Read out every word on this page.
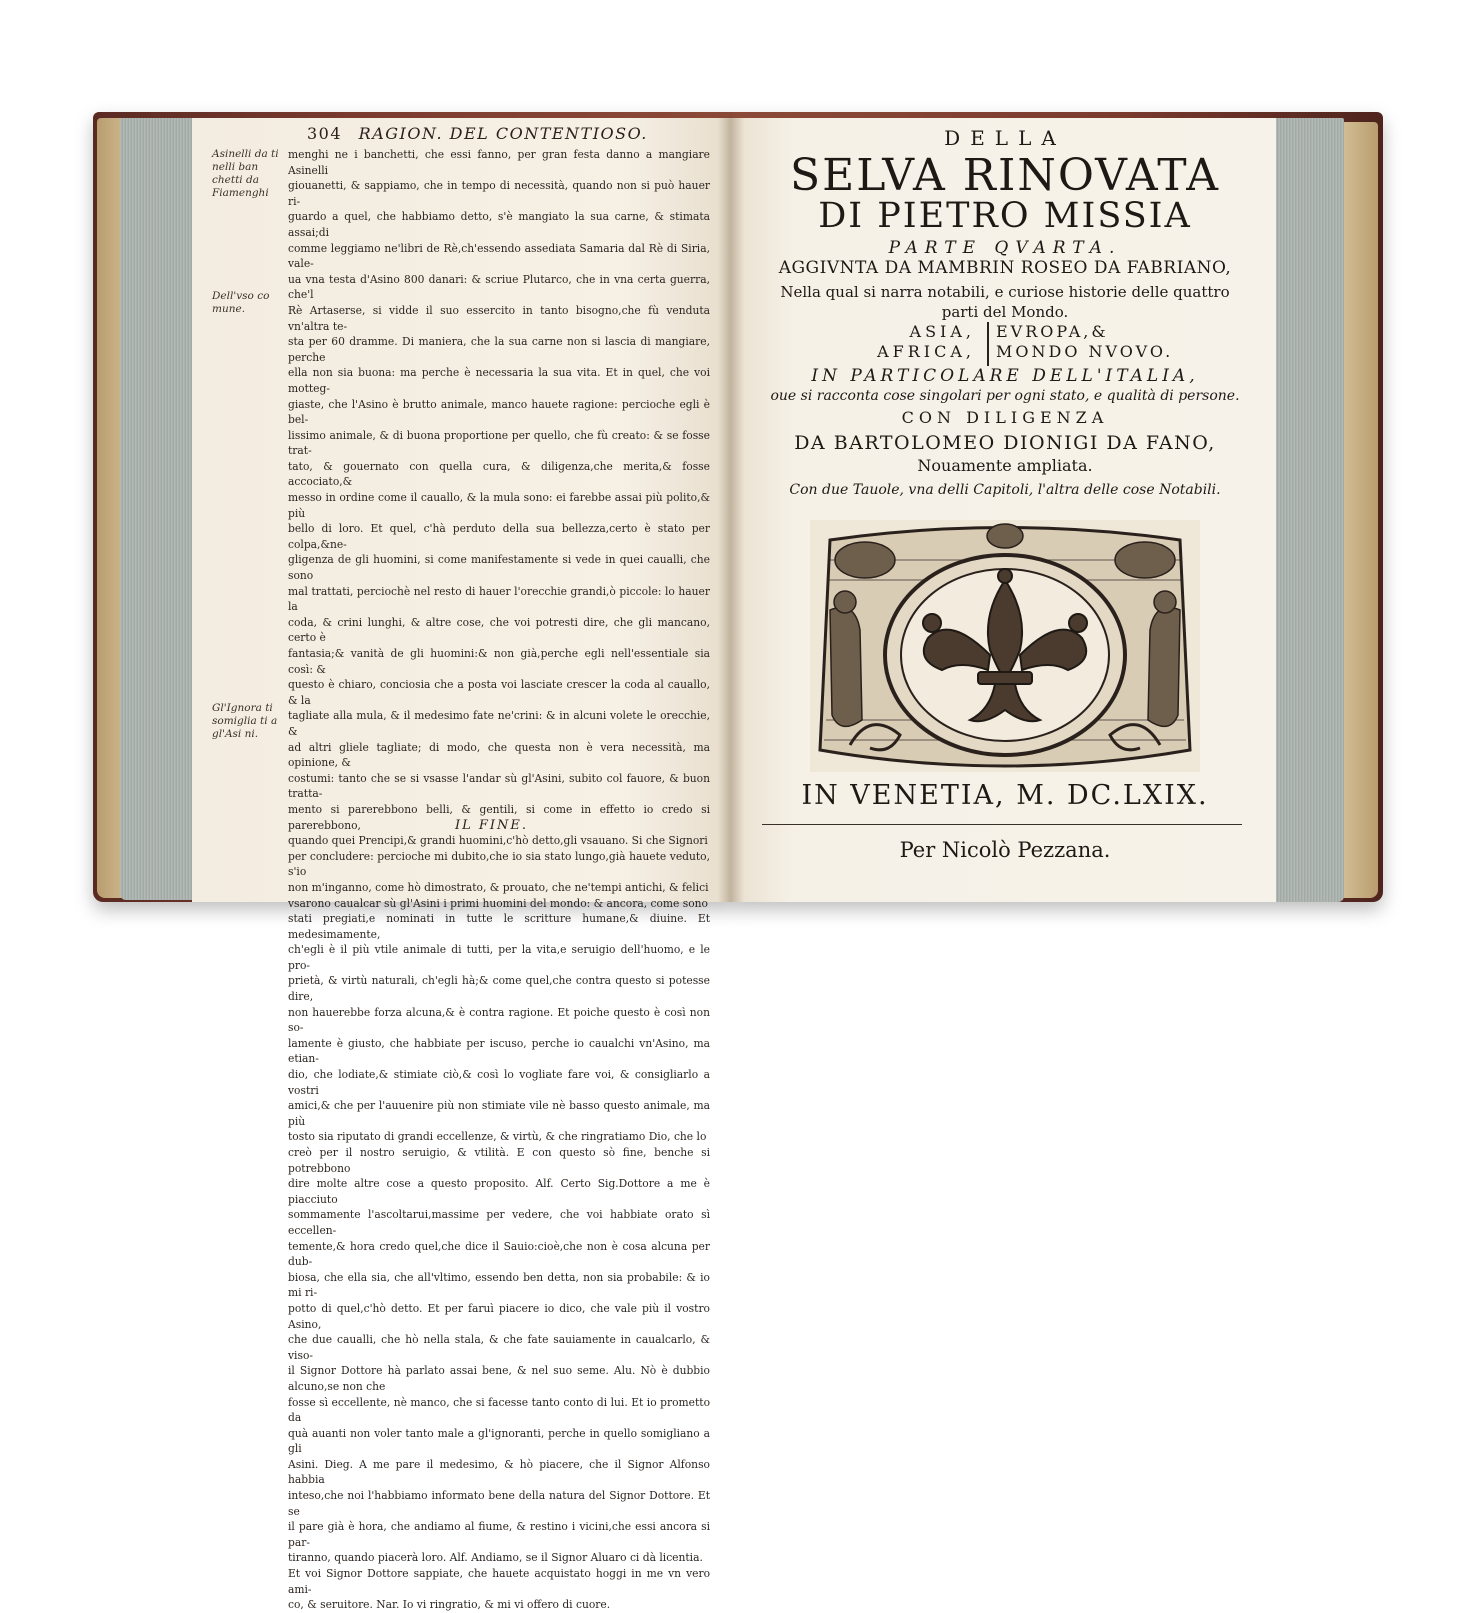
304 RAGION. DEL CONTENTIOSO.
Asinelli da ti nelli ban chetti da Fiamenghi
Dell'vso co mune.
Gl'Ignora ti somiglia ti a gl'Asi ni.

menghi ne i banchetti, che essi fanno, per gran festa danno a mangiare Asinelli

giouanetti, & sappiamo, che in tempo di necessità, quando non si può hauer ri-

guardo a quel, che habbiamo detto, s'è mangiato la sua carne, & stimata assai;di

comme leggiamo ne'libri de Rè,ch'essendo assediata Samaria dal Rè di Siria, vale-

ua vna testa d'Asino 800 danari: & scriue Plutarco, che in vna certa guerra, che'l

Rè Artaserse, si vidde il suo essercito in tanto bisogno,che fù venduta vn'altra te-

sta per 60 dramme. Di maniera, che la sua carne non si lascia di mangiare, perche

ella non sia buona: ma perche è necessaria la sua vita. Et in quel, che voi motteg-

giaste, che l'Asino è brutto animale, manco hauete ragione: percioche egli è bel-

lissimo animale, & di buona proportione per quello, che fù creato: & se fosse trat-

tato, & gouernato con quella cura, & diligenza,che merita,& fosse accociato,&

messo in ordine come il cauallo, & la mula sono: ei farebbe assai più polito,& più

bello di loro. Et quel, c'hà perduto della sua bellezza,certo è stato per colpa,&ne-

gligenza de gli huomini, si come manifestamente si vede in quei caualli, che sono

mal trattati, perciochè nel resto di hauer l'orecchie grandi,ò piccole: lo hauer la

coda, & crini lunghi, & altre cose, che voi potresti dire, che gli mancano, certo è

fantasia;& vanità de gli huomini:& non già,perche egli nell'essentiale sia così: &

questo è chiaro, conciosia che a posta voi lasciate crescer la coda al cauallo, & la

tagliate alla mula, & il medesimo fate ne'crini: & in alcuni volete le orecchie, &

ad altri gliele tagliate; di modo, che questa non è vera necessità, ma opinione, &

costumi: tanto che se si vsasse l'andar sù gl'Asini, subito col fauore, & buon tratta-

mento si parerebbono belli, & gentili, si come in effetto io credo si parerebbono,

quando quei Prencipi,& grandi huomini,c'hò detto,gli vsauano. Si che Signori

per concludere: percioche mi dubito,che io sia stato lungo,già hauete veduto, s'io

non m'inganno, come hò dimostrato, & prouato, che ne'tempi antichi, & felici

vsarono caualcar sù gl'Asini i primi huomini del mondo: & ancora, come sono

stati pregiati,e nominati in tutte le scritture humane,& diuine. Et medesimamente,

ch'egli è il più vtile animale di tutti, per la vita,e seruigio dell'huomo, e le pro-

prietà, & virtù naturali, ch'egli hà;& come quel,che contra questo si potesse dire,

non hauerebbe forza alcuna,& è contra ragione. Et poiche questo è così non so-

lamente è giusto, che habbiate per iscuso, perche io caualchi vn'Asino, ma etian-

dio, che lodiate,& stimiate ciò,& così lo vogliate fare voi, & consigliarlo a vostri

amici,& che per l'auuenire più non stimiate vile nè basso questo animale, ma più

tosto sia riputato di grandi eccellenze, & virtù, & che ringratiamo Dio, che lo

creò per il nostro seruigio, & vtilità. E con questo sò fine, benche si potrebbono

dire molte altre cose a questo proposito. Alf. Certo Sig.Dottore a me è piacciuto

sommamente l'ascoltarui,massime per vedere, che voi habbiate orato sì eccellen-

temente,& hora credo quel,che dice il Sauio:cioè,che non è cosa alcuna per dub-

biosa, che ella sia, che all'vltimo, essendo ben detta, non sia probabile: & io mi ri-

potto di quel,c'hò detto. Et per faruì piacere io dico, che vale più il vostro Asino,

che due caualli, che hò nella stala, & che fate sauiamente in caualcarlo, & viso-

il Signor Dottore hà parlato assai bene, & nel suo seme. Alu. Nò è dubbio alcuno,se non che

fosse sì eccellente, nè manco, che si facesse tanto conto di lui. Et io prometto da

quà auanti non voler tanto male a gl'ignoranti, perche in quello somigliano a gli

Asini. Dieg. A me pare il medesimo, & hò piacere, che il Signor Alfonso habbia

inteso,che noi l'habbiamo informato bene della natura del Signor Dottore. Et se

il pare già è hora, che andiamo al fiume, & restino i vicini,che essi ancora si par-

tiranno, quando piacerà loro. Alf. Andiamo, se il Signor Aluaro ci dà licentia.

Et voi Signor Dottore sappiate, che hauete acquistato hoggi in me vn vero ami-

co, & seruitore. Nar. Io vi ringratio, & mi vi offero di cuore.

IL FINE.
DELLA
SELVA RINOVATA
DI PIETRO MISSIA
PARTE QVARTA.
AGGIVNTA DA MAMBRIN ROSEO DA FABRIANO,
Nella qual si narra notabili, e curiose historie delle quattro
parti del Mondo.
ASIA,
AFRICA,
EVROPA,&
MONDO NVOVO.
IN PARTICOLARE DELL'ITALIA,
oue si racconta cose singolari per ogni stato, e qualità di persone.
CON DILIGENZA
DA BARTOLOMEO DIONIGI DA FANO,
Nouamente ampliata.
Con due Tauole, vna delli Capitoli, l'altra delle cose Notabili.
IN VENETIA, M. DC.LXIX.
Per Nicolò Pezzana.
